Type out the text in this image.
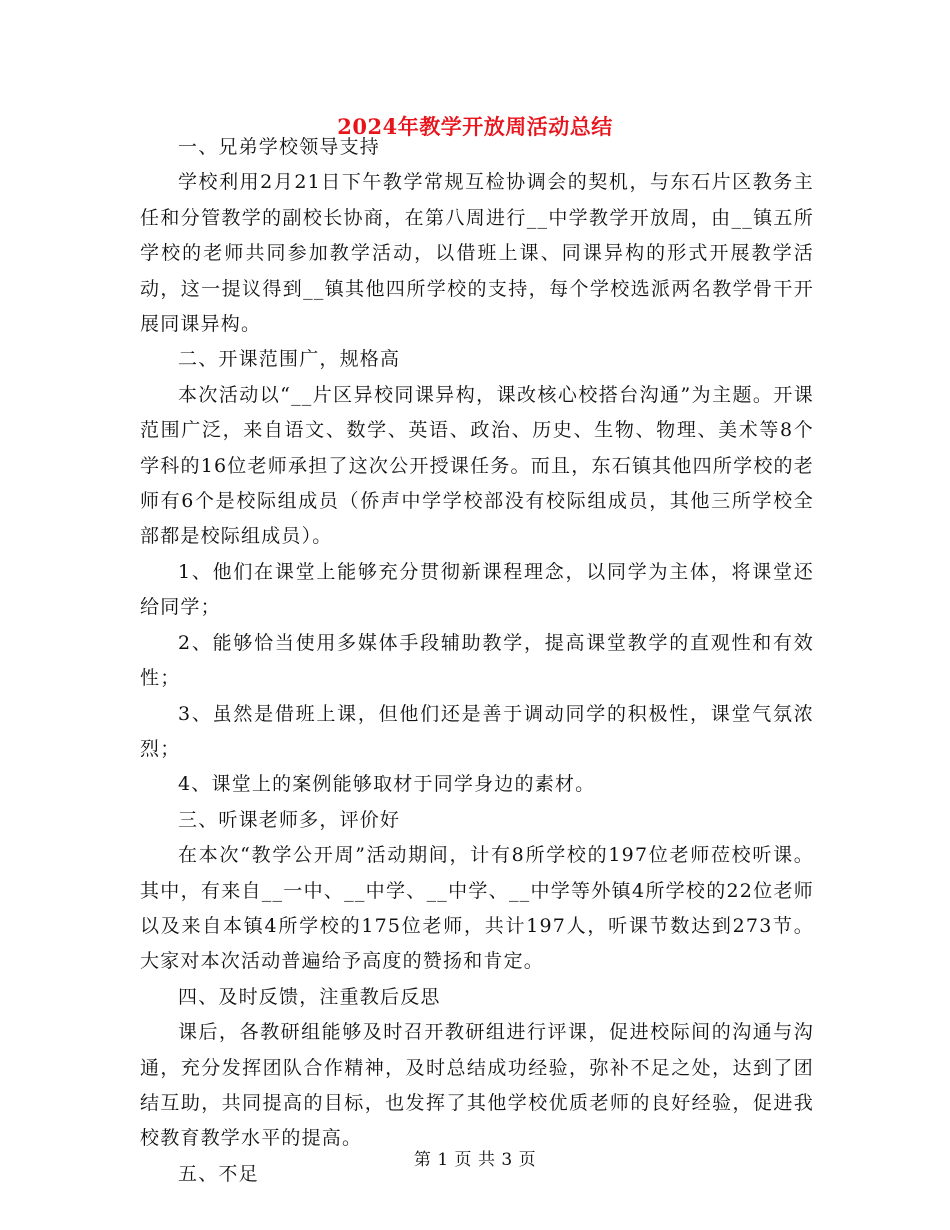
2024年教学开放周活动总结

一、兄弟学校领导支持

学校利用2月21日下午教学常规互检协调会的契机，与东石片区教务主任和分管教学的副校长协商，在第八周进行__中学教学开放周，由__镇五所学校的老师共同参加教学活动，以借班上课、同课异构的形式开展教学活动，这一提议得到__镇其他四所学校的支持，每个学校选派两名教学骨干开展同课异构。

二、开课范围广，规格高

本次活动以“__片区异校同课异构，课改核心校搭台沟通”为主题。开课范围广泛，来自语文、数学、英语、政治、历史、生物、物理、美术等8个学科的16位老师承担了这次公开授课任务。而且，东石镇其他四所学校的老师有6个是校际组成员（侨声中学学校部没有校际组成员，其他三所学校全部都是校际组成员）。

1、他们在课堂上能够充分贯彻新课程理念，以同学为主体，将课堂还给同学；

2、能够恰当使用多媒体手段辅助教学，提高课堂教学的直观性和有效性；

3、虽然是借班上课，但他们还是善于调动同学的积极性，课堂气氛浓烈；

4、课堂上的案例能够取材于同学身边的素材。

三、听课老师多，评价好

在本次“教学公开周”活动期间，计有8所学校的197位老师莅校听课。其中，有来自__一中、__中学、__中学、__中学等外镇4所学校的22位老师以及来自本镇4所学校的175位老师，共计197人，听课节数达到273节。大家对本次活动普遍给予高度的赞扬和肯定。

四、及时反馈，注重教后反思

课后，各教研组能够及时召开教研组进行评课，促进校际间的沟通与沟通，充分发挥团队合作精神，及时总结成功经验，弥补不足之处，达到了团结互助，共同提高的目标，也发挥了其他学校优质老师的良好经验，促进我校教育教学水平的提高。

五、不足

第 1 页 共 3 页
